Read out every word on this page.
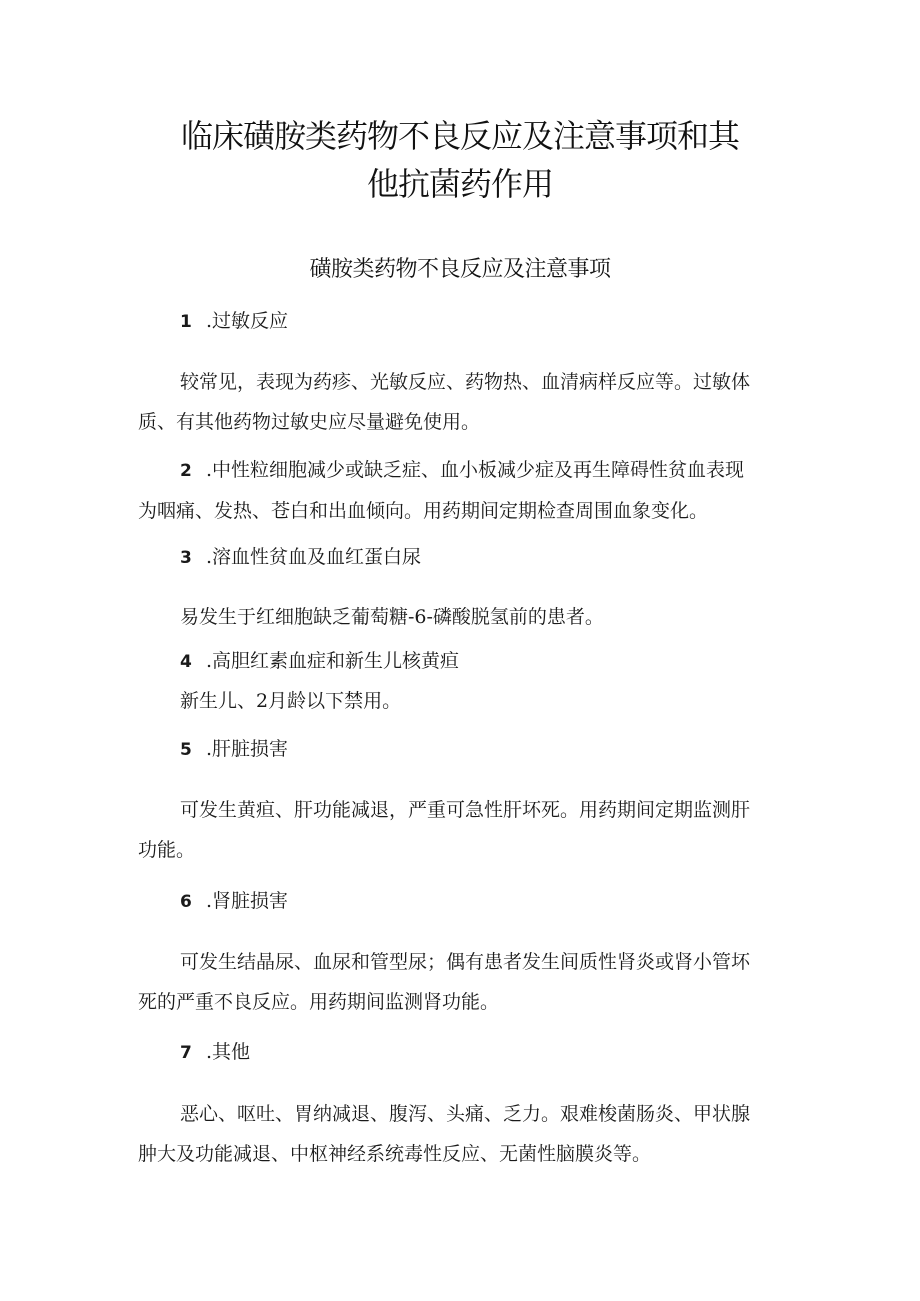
临床磺胺类药物不良反应及注意事项和其
他抗菌药作用
磺胺类药物不良反应及注意事项
1 .过敏反应
较常见，表现为药疹、光敏反应、药物热、血清病样反应等。过敏体
质、有其他药物过敏史应尽量避免使用。
2 .中性粒细胞减少或缺乏症、血小板减少症及再生障碍性贫血表现
为咽痛、发热、苍白和出血倾向。用药期间定期检查周围血象变化。
3 .溶血性贫血及血红蛋白尿
易发生于红细胞缺乏葡萄糖-6-磷酸脱氢前的患者。
4 .高胆红素血症和新生儿核黄疸
新生儿、2月龄以下禁用。
5 .肝脏损害
可发生黄疸、肝功能减退，严重可急性肝坏死。用药期间定期监测肝
功能。
6 .肾脏损害
可发生结晶尿、血尿和管型尿；偶有患者发生间质性肾炎或肾小管坏
死的严重不良反应。用药期间监测肾功能。
7 .其他
恶心、呕吐、胃纳减退、腹泻、头痛、乏力。艰难梭菌肠炎、甲状腺
肿大及功能减退、中枢神经系统毒性反应、无菌性脑膜炎等。
